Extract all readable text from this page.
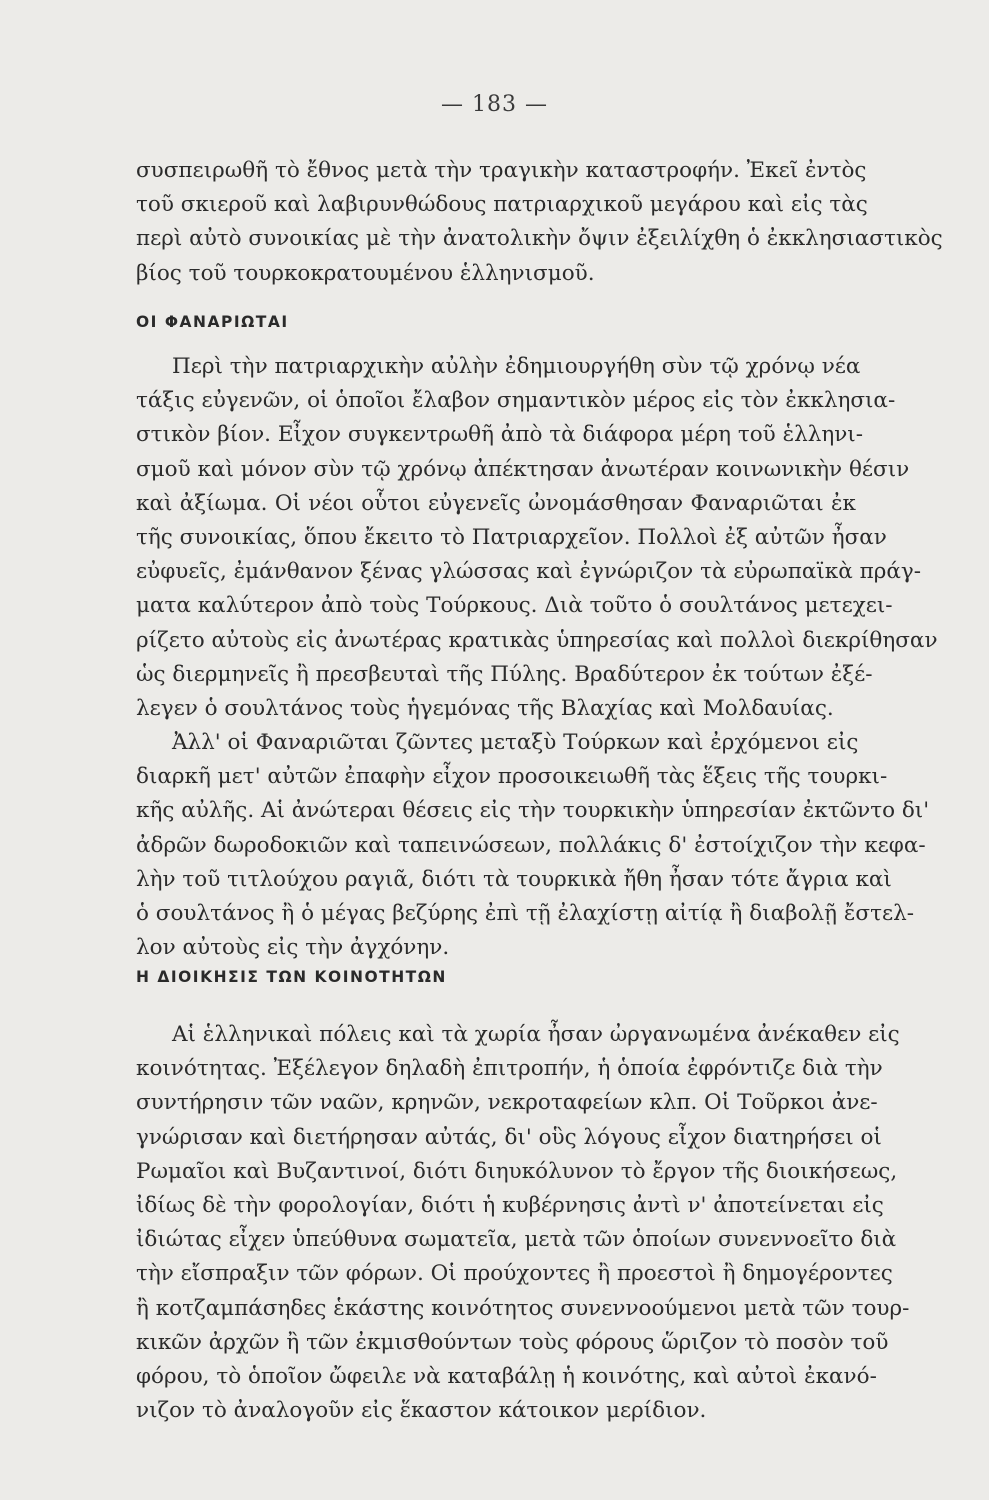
— 183 —
συσπειρωθῆ τὸ ἔθνος μετὰ τὴν τραγικὴν καταστροφήν. Ἐκεῖ ἐντὸς
τοῦ σκιεροῦ καὶ λαβιρυνθώδους πατριαρχικοῦ μεγάρου καὶ εἰς τὰς
περὶ αὐτὸ συνοικίας μὲ τὴν ἀνατολικὴν ὄψιν ἐξειλίχθη ὁ ἐκκλησιαστικὸς
βίος τοῦ τουρκοκρατουμένου ἑλληνισμοῦ.
ΟΙ ΦΑΝΑΡΙΩΤΑΙ
Περὶ τὴν πατριαρχικὴν αὐλὴν ἐδημιουργήθη σὺν τῷ χρόνῳ νέα
τάξις εὐγενῶν, οἱ ὁποῖοι ἔλαβον σημαντικὸν μέρος εἰς τὸν ἐκκλησια-
στικὸν βίον. Εἶχον συγκεντρωθῆ ἀπὸ τὰ διάφορα μέρη τοῦ ἑλληνι-
σμοῦ καὶ μόνον σὺν τῷ χρόνῳ ἀπέκτησαν ἀνωτέραν κοινωνικὴν θέσιν
καὶ ἀξίωμα. Οἱ νέοι οὗτοι εὐγενεῖς ὠνομάσθησαν Φαναριῶται ἐκ
τῆς συνοικίας, ὅπου ἔκειτο τὸ Πατριαρχεῖον. Πολλοὶ ἐξ αὐτῶν ἦσαν
εὐφυεῖς, ἐμάνθανον ξένας γλώσσας καὶ ἐγνώριζον τὰ εὐρωπαϊκὰ πράγ-
ματα καλύτερον ἀπὸ τοὺς Τούρκους. Διὰ τοῦτο ὁ σουλτάνος μετεχει-
ρίζετο αὐτοὺς εἰς ἀνωτέρας κρατικὰς ὑπηρεσίας καὶ πολλοὶ διεκρίθησαν
ὡς διερμηνεῖς ἢ πρεσβευταὶ τῆς Πύλης. Βραδύτερον ἐκ τούτων ἐξέ-
λεγεν ὁ σουλτάνος τοὺς ἡγεμόνας τῆς Βλαχίας καὶ Μολδαυίας.
Ἀλλ' οἱ Φαναριῶται ζῶντες μεταξὺ Τούρκων καὶ ἐρχόμενοι εἰς
διαρκῆ μετ' αὐτῶν ἐπαφὴν εἶχον προσοικειωθῆ τὰς ἕξεις τῆς τουρκι-
κῆς αὐλῆς. Αἱ ἀνώτεραι θέσεις εἰς τὴν τουρκικὴν ὑπηρεσίαν ἐκτῶντο δι'
ἀδρῶν δωροδοκιῶν καὶ ταπεινώσεων, πολλάκις δ' ἐστοίχιζον τὴν κεφα-
λὴν τοῦ τιτλούχου ραγιᾶ, διότι τὰ τουρκικὰ ἤθη ἦσαν τότε ἄγρια καὶ
ὁ σουλτάνος ἢ ὁ μέγας βεζύρης ἐπὶ τῇ ἐλαχίστῃ αἰτίᾳ ἢ διαβολῇ ἔστελ-
λον αὐτοὺς εἰς τὴν ἀγχόνην.
Η ΔΙΟΙΚΗΣΙΣ ΤΩΝ ΚΟΙΝΟΤΗΤΩΝ
Αἱ ἑλληνικαὶ πόλεις καὶ τὰ χωρία ἦσαν ὠργανωμένα ἀνέκαθεν εἰς
κοινότητας. Ἐξέλεγον δηλαδὴ ἐπιτροπήν, ἡ ὁποία ἐφρόντιζε διὰ τὴν
συντήρησιν τῶν ναῶν, κρηνῶν, νεκροταφείων κλπ. Οἱ Τοῦρκοι ἀνε-
γνώρισαν καὶ διετήρησαν αὐτάς, δι' οὓς λόγους εἶχον διατηρήσει οἱ
Ρωμαῖοι καὶ Βυζαντινοί, διότι διηυκόλυνον τὸ ἔργον τῆς διοικήσεως,
ἰδίως δὲ τὴν φορολογίαν, διότι ἡ κυβέρνησις ἀντὶ ν' ἀποτείνεται εἰς
ἰδιώτας εἶχεν ὑπεύθυνα σωματεῖα, μετὰ τῶν ὁποίων συνεννοεῖτο διὰ
τὴν εἴσπραξιν τῶν φόρων. Οἱ προύχοντες ἢ προεστοὶ ἢ δημογέροντες
ἢ κοτζαμπάσηδες ἑκάστης κοινότητος συνεννοούμενοι μετὰ τῶν τουρ-
κικῶν ἀρχῶν ἢ τῶν ἐκμισθούντων τοὺς φόρους ὥριζον τὸ ποσὸν τοῦ
φόρου, τὸ ὁποῖον ὤφειλε νὰ καταβάλῃ ἡ κοινότης, καὶ αὐτοὶ ἐκανό-
νιζον τὸ ἀναλογοῦν εἰς ἕκαστον κάτοικον μερίδιον.
